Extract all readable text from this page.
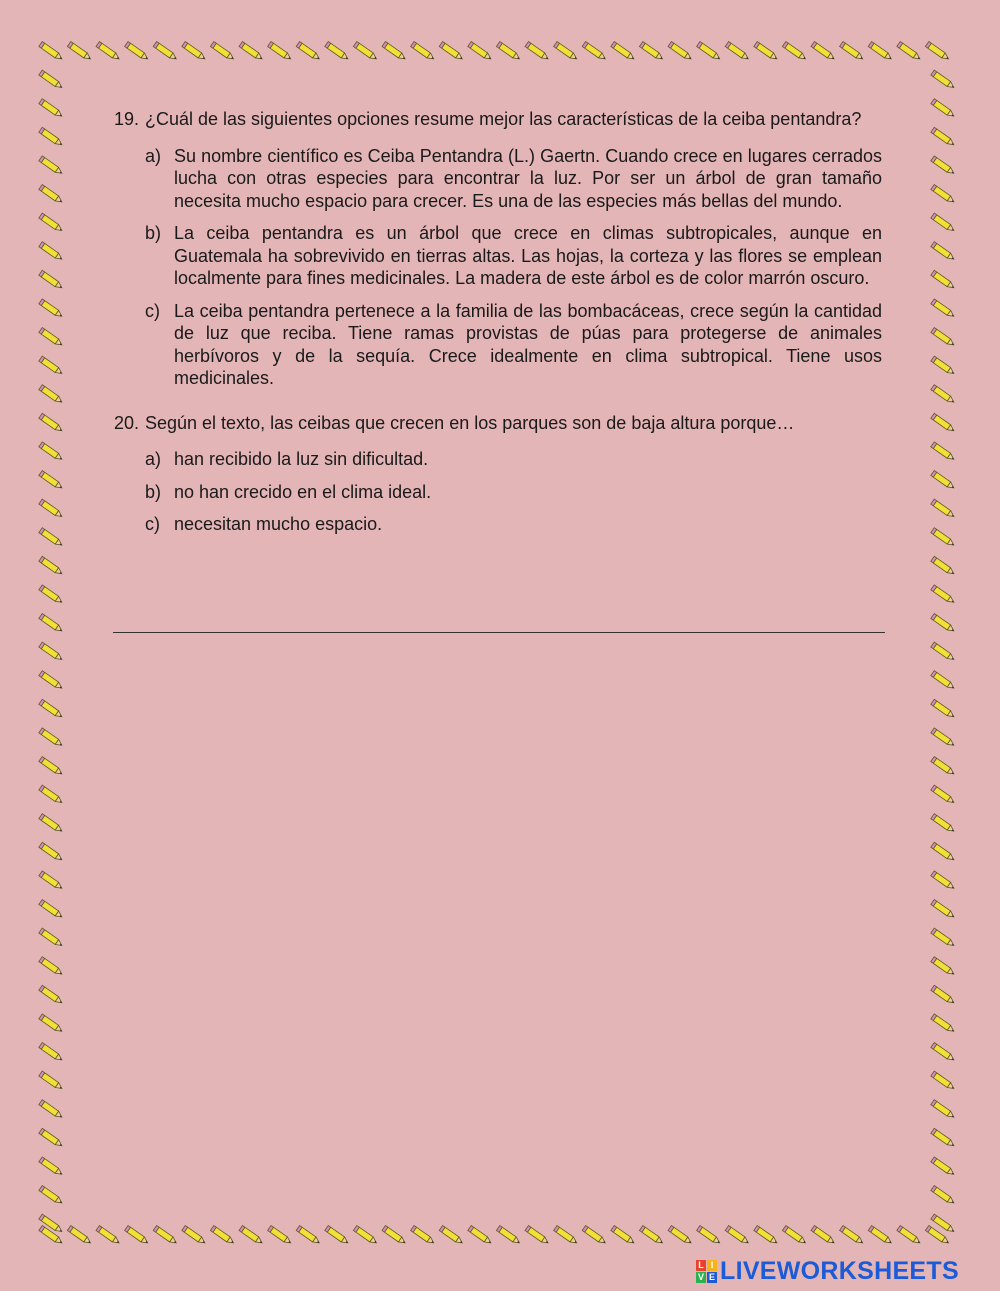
19. ¿Cuál de las siguientes opciones resume mejor las características de la ceiba pentandra?
a) Su nombre científico es Ceiba Pentandra (L.) Gaertn. Cuando crece en lugares cerrados lucha con otras especies para encontrar la luz. Por ser un árbol de gran tamaño necesita mucho espacio para crecer. Es una de las especies más bellas del mundo.
b) La ceiba pentandra es un árbol que crece en climas subtropicales, aunque en Guatemala ha sobrevivido en tierras altas. Las hojas, la corteza y las flores se emplean localmente para fines medicinales. La madera de este árbol es de color marrón oscuro.
c) La ceiba pentandra pertenece a la familia de las bombacáceas, crece según la cantidad de luz que reciba. Tiene ramas provistas de púas para protegerse de animales herbívoros y de la sequía. Crece idealmente en clima subtropical. Tiene usos medicinales.
20. Según el texto, las ceibas que crecen en los parques son de baja altura porque…
a) han recibido la luz sin dificultad.
b) no han crecido en el clima ideal.
c) necesitan mucho espacio.
L I
V E LIVEWORKSHEETS
